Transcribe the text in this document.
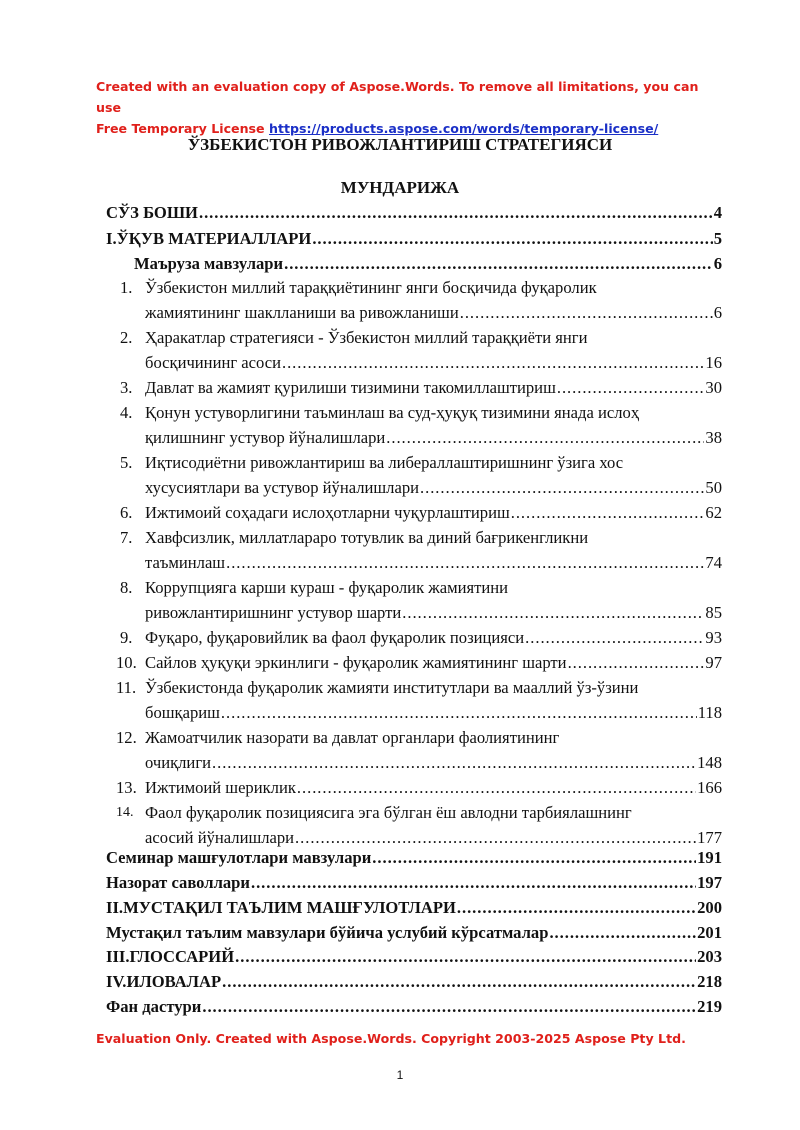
Created with an evaluation copy of Aspose.Words. To remove all limitations, you can use
Free Temporary License https://products.aspose.com/words/temporary-license/
ЎЗБЕКИСТОН РИВОЖЛАНТИРИШ СТРАТЕГИЯСИ
МУНДАРИЖА
СЎЗ БОШИ . . .	4
I.ЎҚУВ МАТЕРИАЛЛАРИ . . .	5
Маъруза мавзулари . . .	6
1. Ўзбекистон миллий тараққиётининг янги босқичида фуқаролик
жамиятининг шаклланиши ва ривожланиши . . .	6
2. Ҳаракатлар стратегияси - Ўзбекистон миллий тараққиёти янги
босқичининг асоси . . .	16
3. Давлат ва жамият қурилиши тизимини такомиллаштириш . . .	30
4. Қонун устуворлигини таъминлаш ва суд-ҳуқуқ тизимини янада ислоҳ
қилишнинг устувор йўналишлари . . .	38
5. Иқтисодиётни ривожлантириш ва либераллаштиришнинг ўзига хос
хусусиятлари ва устувор йўналишлари . . .	50
6. Ижтимоий соҳадаги ислоҳотларни чуқурлаштириш . . .	62
7. Хавфсизлик, миллатлараро тотувлик ва диний бағрикенгликни
таъминлаш . . .	74
8. Коррупцияга карши кураш - фуқаролик жамиятини
ривожлантиришнинг устувор шарти . . .	85
9. Фуқаро, фуқаровийлик ва фаол фуқаролик позицияси . . .	93
10. Сайлов ҳуқуқи эркинлиги - фуқаролик жамиятининг шарти . . .	97
11. Ўзбекистонда фуқаролик жамияти институтлари ва мааллий ўз-ўзини
бошқариш . . .	118
12. Жамоатчилик назорати ва давлат органлари фаолиятининг
очиқлиги . . .	148
13. Ижтимоий шериклик . . .	166
14. Фаол фуқаролик позициясига эга бўлган ёш авлодни тарбиялашнинг
асосий йўналишлари . . .	177
Семинар машғулотлари мавзулари . . .	191
Назорат саволлари . . .	197
II.МУСТАҚИЛ ТАЪЛИМ МАШҒУЛОТЛАРИ . . .	200
Мустақил таълим мавзулари бўйича услубий кўрсатмалар . . .	201
III.ГЛОССАРИЙ . . .	203
IV.ИЛОВАЛАР . . .	218
Фан дастури . . .	219
Evaluation Only. Created with Aspose.Words. Copyright 2003-2025 Aspose Pty Ltd.
1
